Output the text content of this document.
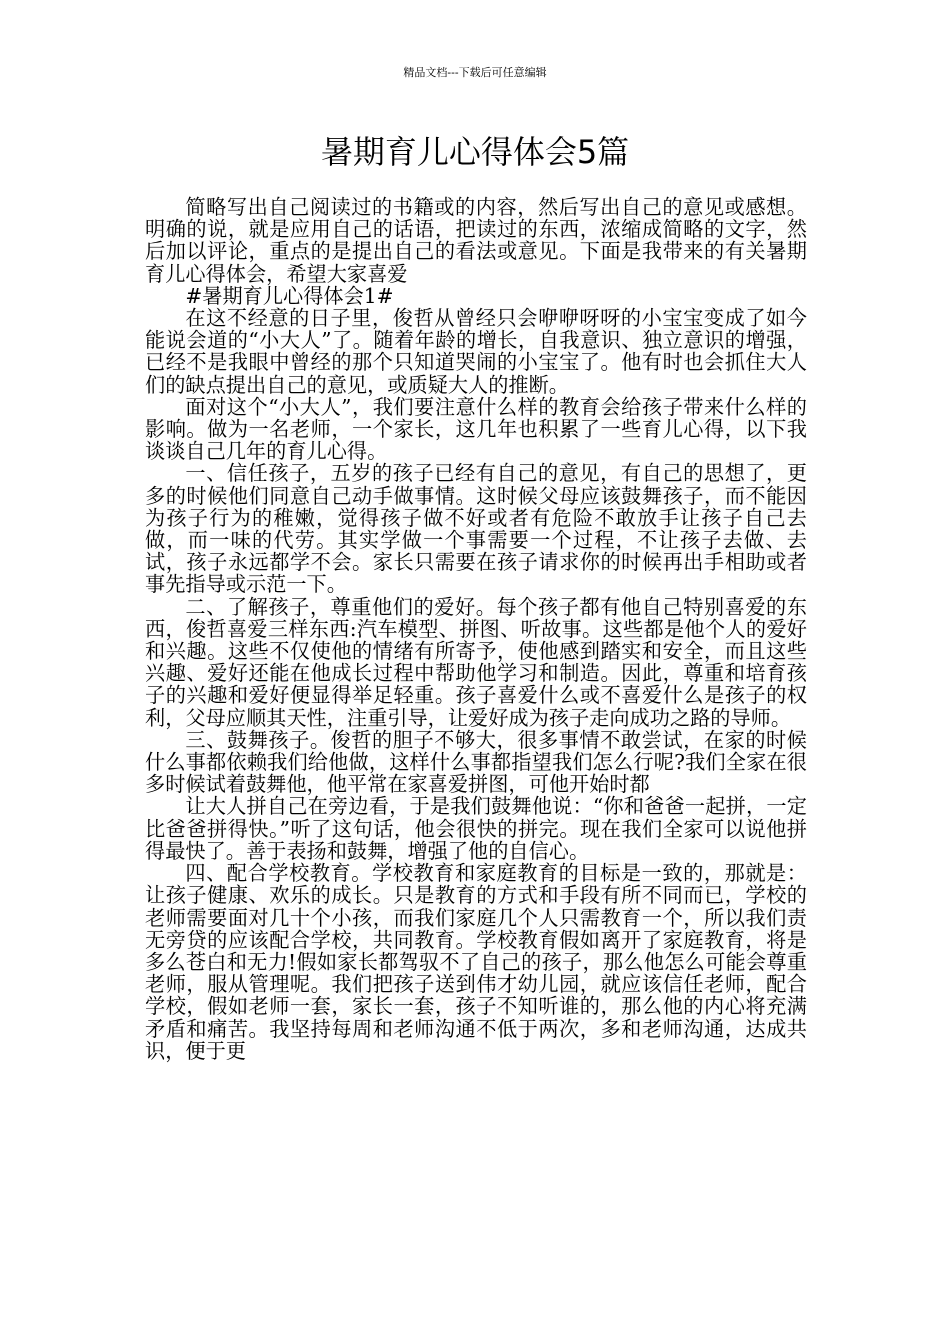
精品文档---下载后可任意编辑
暑期育儿心得体会5篇

简略写出自己阅读过的书籍或的内容，然后写出自己的意见或感想。明确的说，就是应用自己的话语，把读过的东西，浓缩成简略的文字，然后加以评论，重点的是提出自己的看法或意见。下面是我带来的有关暑期育儿心得体会，希望大家喜爱

#暑期育儿心得体会1#

在这不经意的日子里，俊哲从曾经只会咿咿呀呀的小宝宝变成了如今能说会道的“小大人”了。随着年龄的增长，自我意识、独立意识的增强，已经不是我眼中曾经的那个只知道哭闹的小宝宝了。他有时也会抓住大人们的缺点提出自己的意见，或质疑大人的推断。

面对这个“小大人”，我们要注意什么样的教育会给孩子带来什么样的影响。做为一名老师，一个家长，这几年也积累了一些育儿心得，以下我谈谈自己几年的育儿心得。

一、信任孩子，五岁的孩子已经有自己的意见，有自己的思想了，更多的时候他们同意自己动手做事情。这时候父母应该鼓舞孩子，而不能因为孩子行为的稚嫩，觉得孩子做不好或者有危险不敢放手让孩子自己去做，而一味的代劳。其实学做一个事需要一个过程，不让孩子去做、去试，孩子永远都学不会。家长只需要在孩子请求你的时候再出手相助或者事先指导或示范一下。

二、了解孩子，尊重他们的爱好。每个孩子都有他自己特别喜爱的东西，俊哲喜爱三样东西:汽车模型、拼图、听故事。这些都是他个人的爱好和兴趣。这些不仅使他的情绪有所寄予，使他感到踏实和安全，而且这些兴趣、爱好还能在他成长过程中帮助他学习和制造。因此，尊重和培育孩子的兴趣和爱好便显得举足轻重。孩子喜爱什么或不喜爱什么是孩子的权利，父母应顺其天性，注重引导，让爱好成为孩子走向成功之路的导师。

三、鼓舞孩子。俊哲的胆子不够大，很多事情不敢尝试，在家的时候什么事都依赖我们给他做，这样什么事都指望我们怎么行呢?我们全家在很多时候试着鼓舞他，他平常在家喜爱拼图，可他开始时都

让大人拼自己在旁边看，于是我们鼓舞他说：“你和爸爸一起拼，一定比爸爸拼得快。”听了这句话，他会很快的拼完。现在我们全家可以说他拼得最快了。善于表扬和鼓舞，增强了他的自信心。

四、配合学校教育。学校教育和家庭教育的目标是一致的，那就是：让孩子健康、欢乐的成长。只是教育的方式和手段有所不同而已，学校的老师需要面对几十个小孩，而我们家庭几个人只需教育一个，所以我们责无旁贷的应该配合学校，共同教育。学校教育假如离开了家庭教育，将是多么苍白和无力!假如家长都驾驭不了自己的孩子，那么他怎么可能会尊重老师，服从管理呢。我们把孩子送到伟才幼儿园，就应该信任老师，配合学校，假如老师一套，家长一套，孩子不知听谁的，那么他的内心将充满矛盾和痛苦。我坚持每周和老师沟通不低于两次，多和老师沟通，达成共识，便于更
